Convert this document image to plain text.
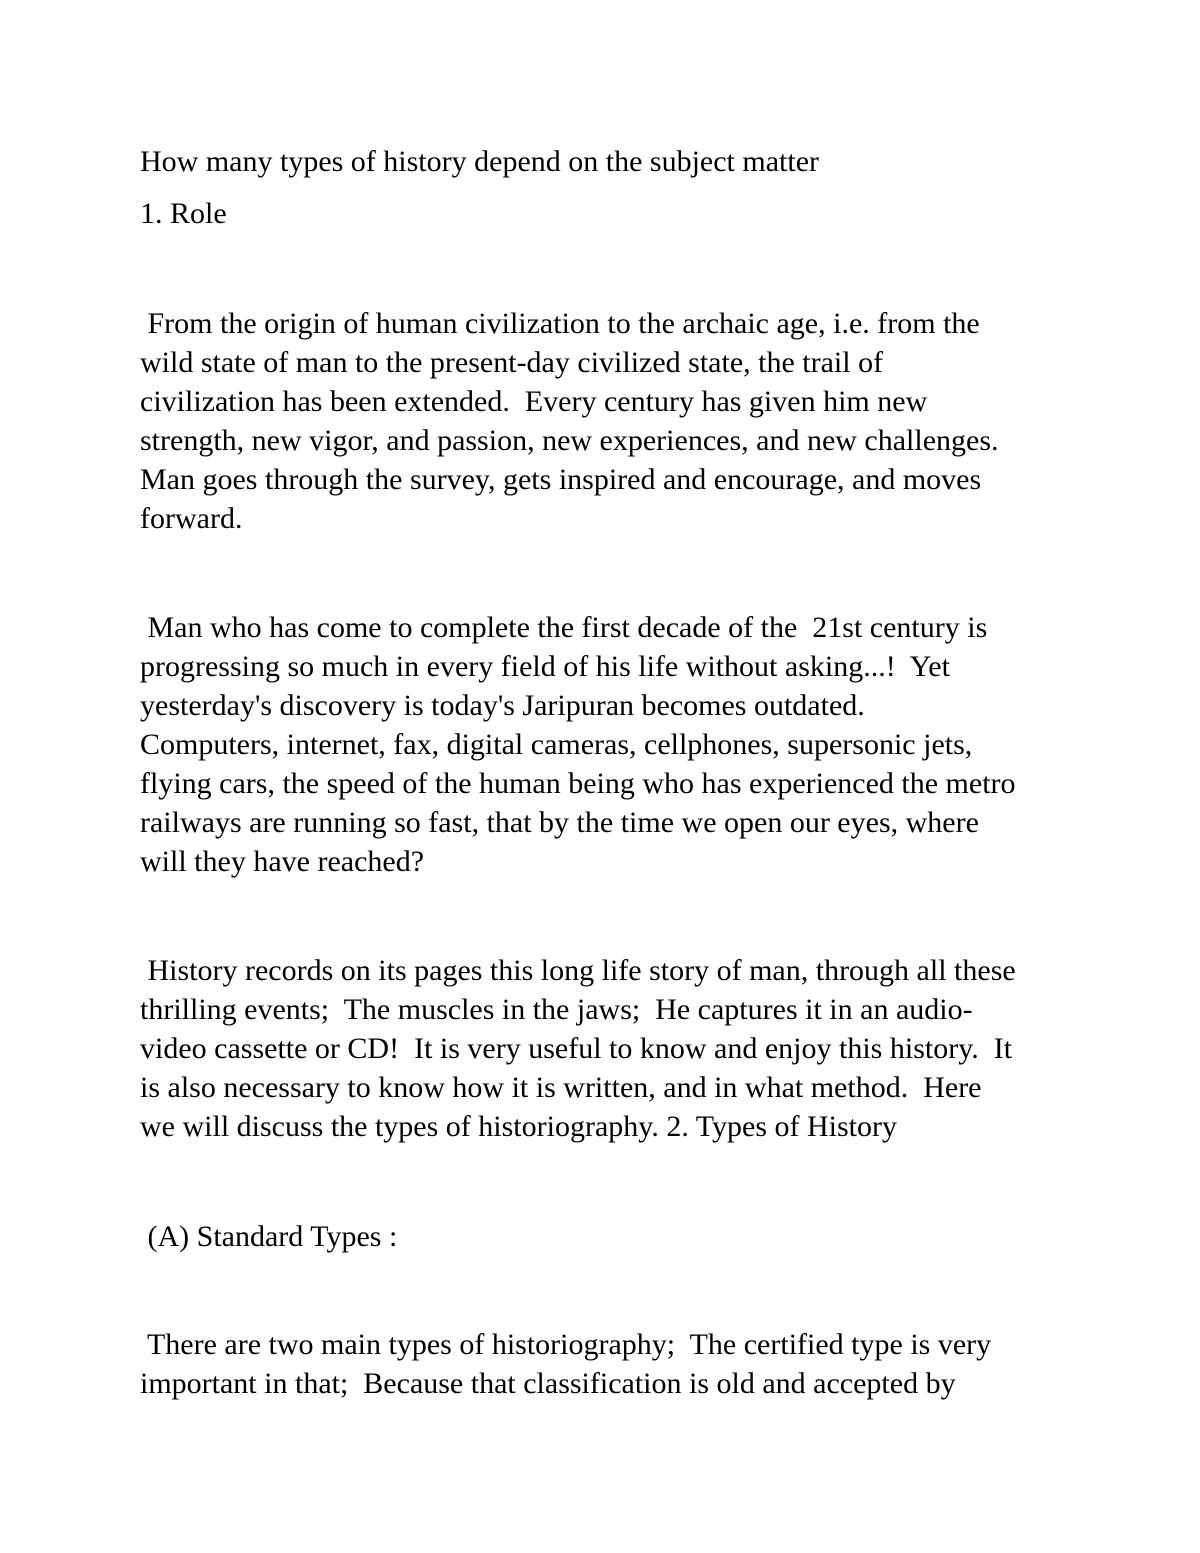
How many types of history depend on the subject matter

1. Role

From the origin of human civilization to the archaic age, i.e. from the

wild state of man to the present-day civilized state, the trail of

civilization has been extended.  Every century has given him new

strength, new vigor, and passion, new experiences, and new challenges.

Man goes through the survey, gets inspired and encourage, and moves

forward.

Man who has come to complete the first decade of the  21st century is

progressing so much in every field of his life without asking...!  Yet

yesterday's discovery is today's Jaripuran becomes outdated.

Computers, internet, fax, digital cameras, cellphones, supersonic jets,

flying cars, the speed of the human being who has experienced the metro

railways are running so fast, that by the time we open our eyes, where

will they have reached?

History records on its pages this long life story of man, through all these

thrilling events;  The muscles in the jaws;  He captures it in an audio-

video cassette or CD!  It is very useful to know and enjoy this history.  It

is also necessary to know how it is written, and in what method.  Here

we will discuss the types of historiography. 2. Types of History

(A) Standard Types :

There are two main types of historiography;  The certified type is very

important in that;  Because that classification is old and accepted by
